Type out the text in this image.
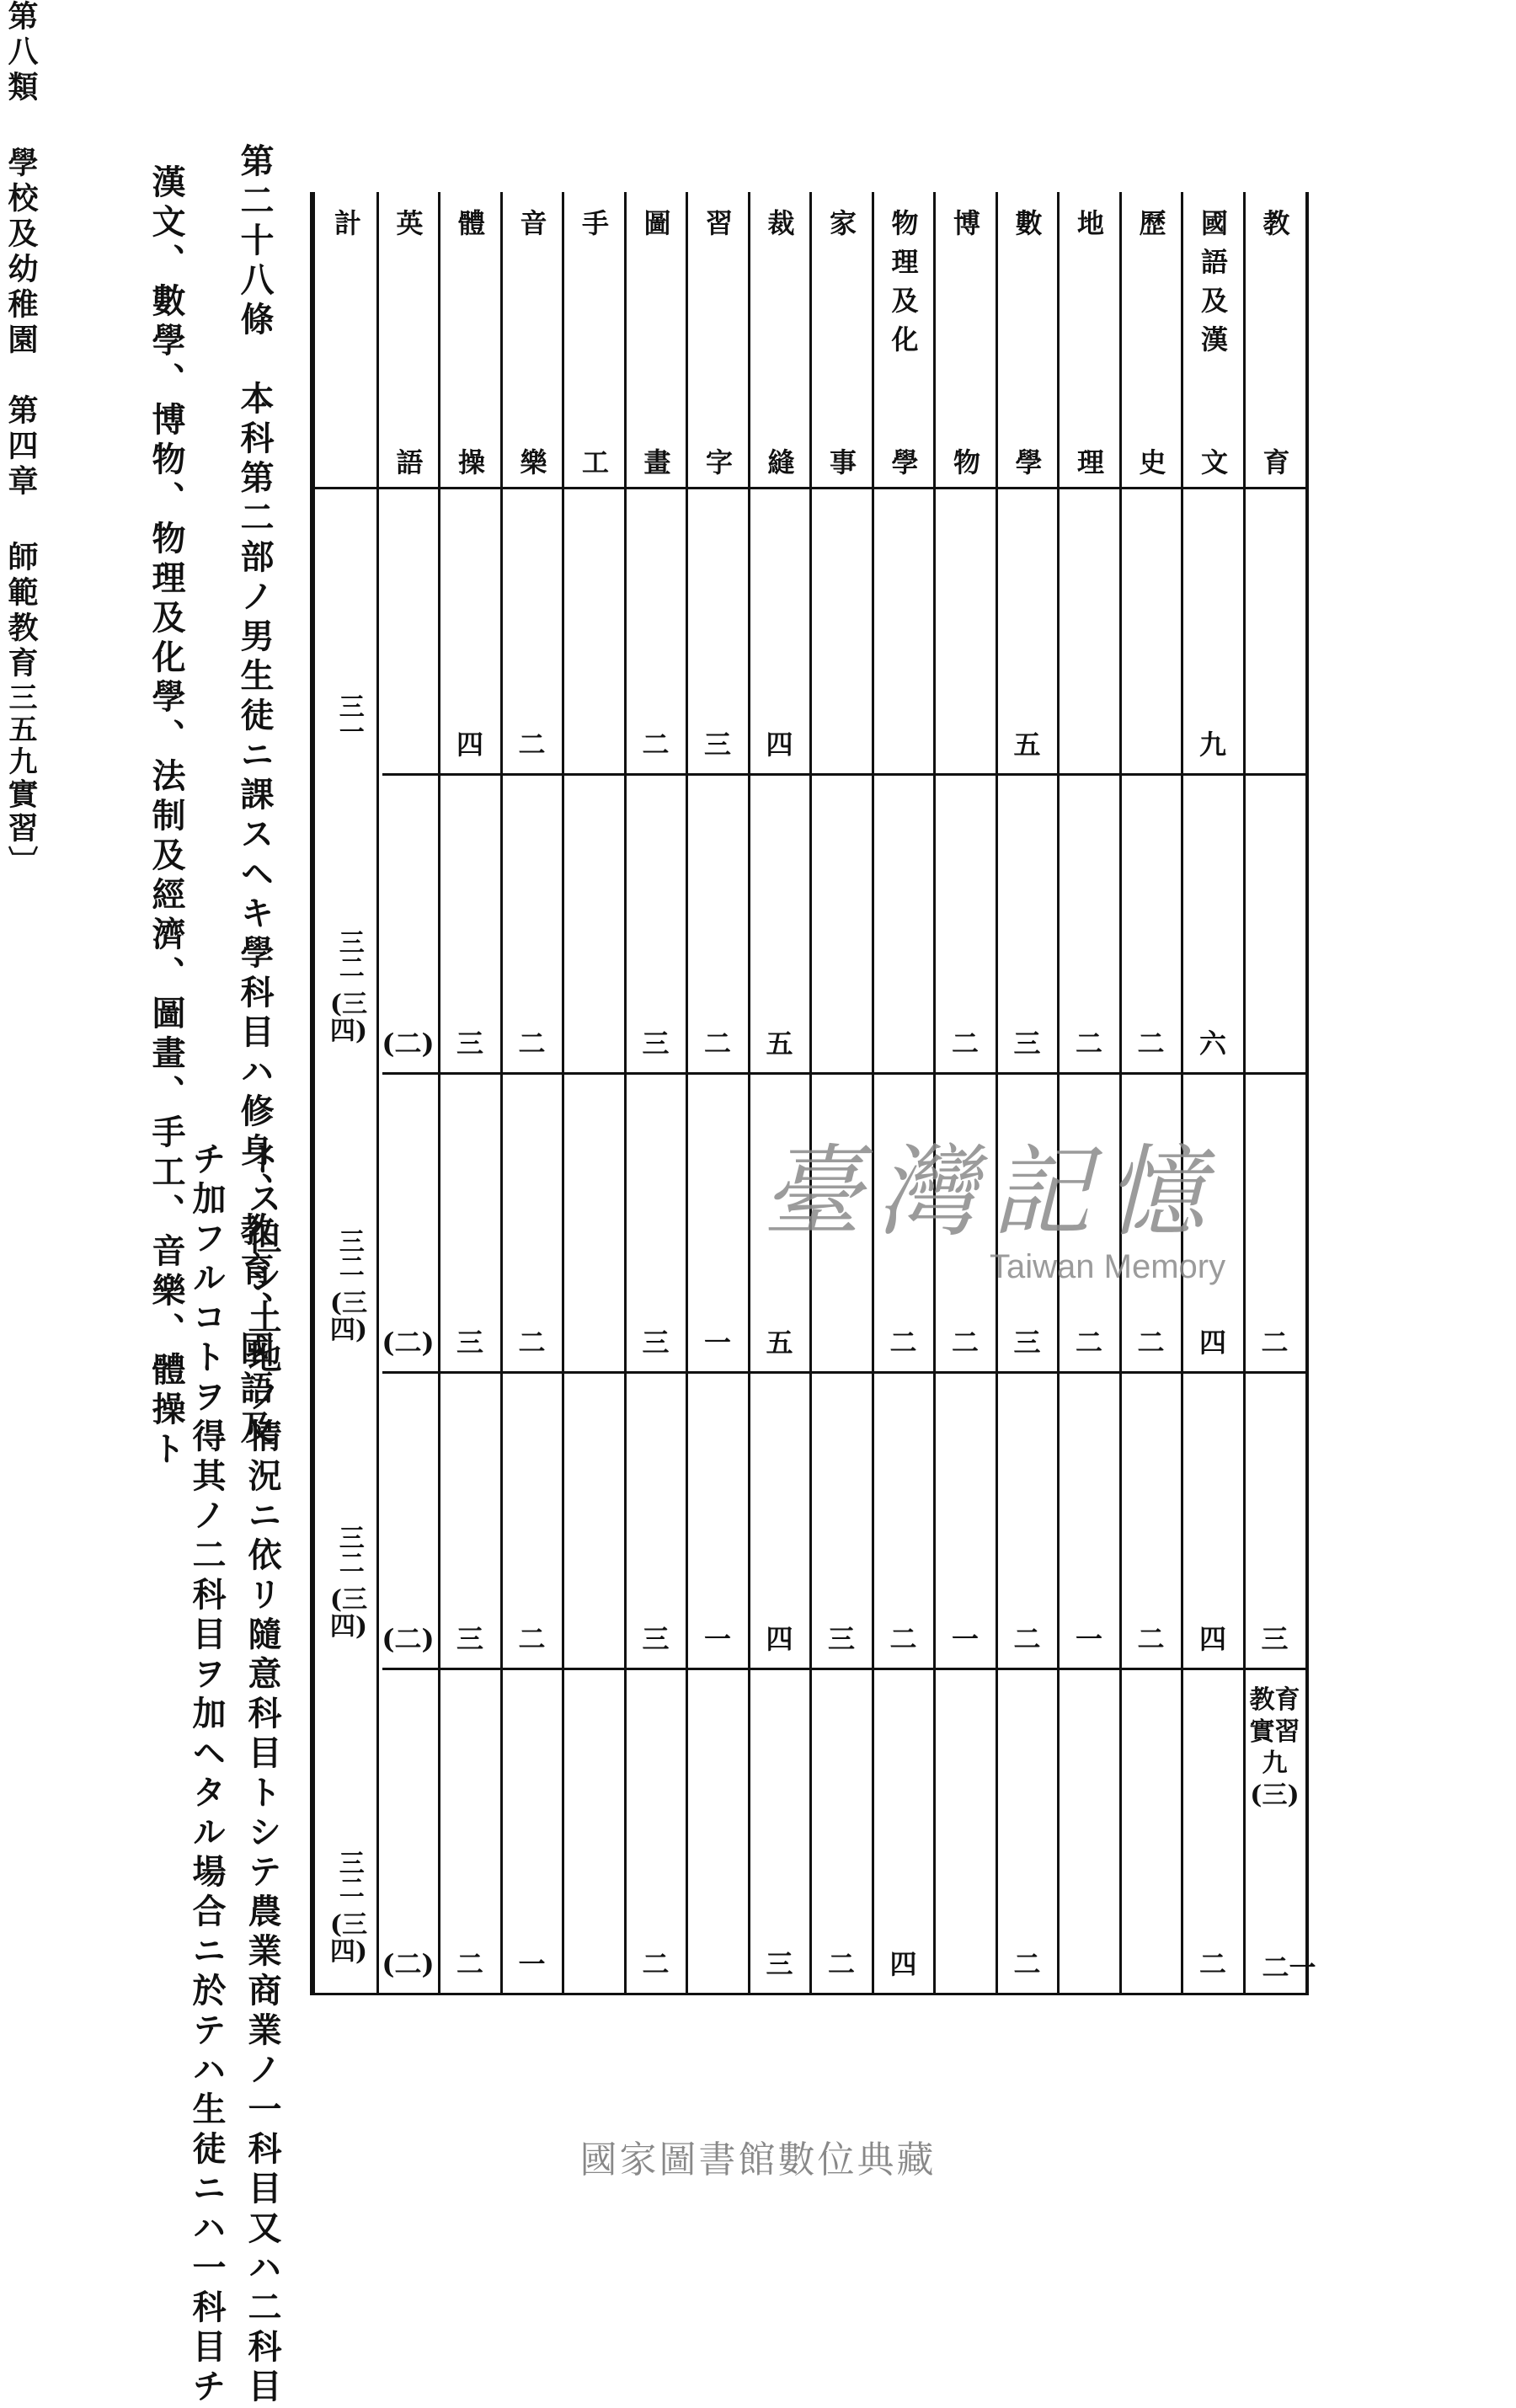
第八類 學校及幼稚園　第四章 師範教育
三五九	第二十八條　本科第二部ノ男生徒ニ課スヘキ學科目ハ修身、教育、國語及
漢文、數學、博物、物理及化學、法制及經濟、圖畫、手工、音樂、體操ト
トス但シ土地ノ情況ニ依リ隨意科目トシテ農業商業ノ一科目又ハ二科目
チ加フルコトヲ得其ノ二科目ヲ加ヘタル場合ニ於テハ生徒ニハ一科目チ
實習〕
教
育
國語及漢
文
歷
史
地
理
數
學
博
物
物理及化
學
家
事
裁
縫
習
字
圖
畫
手
工
音
樂
體
操
英
語
計
九
五
四
三
二
二
四
三一
六
二
二
三
二
五
二
三
二
三
(二)
三二
(三四)
二
四
二
二
三
二
二
五
一
三
二
三
(二)
三二
(三四)
三
四
二
一
二
一
二
三
四
一
三
二
三
(二)
三二
(三四)
一二
二
二
四
二
三
二
一
二
(二)
三二
(三四)
教育實習九(三)
臺灣記憶
Taiwan Memory
國家圖書館數位典藏
